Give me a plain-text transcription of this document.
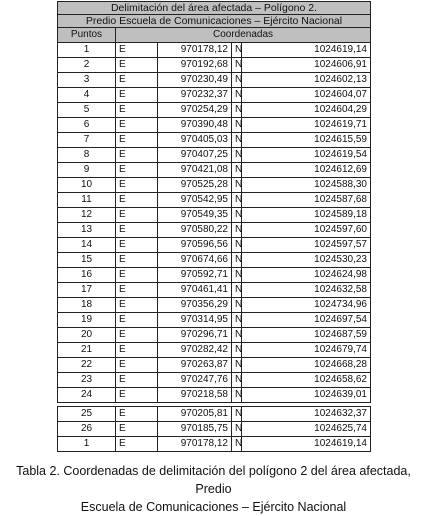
Delimitación del área afectada – Polígono 2.				
Predio Escuela de Comunicaciones – Ejército Nacional				
Puntos	Coordenadas			
1	E	970178,12	N	1024619,14
2	E	970192,68	N	1024606,91
3	E	970230,49	N	1024602,13
4	E	970232,37	N	1024604,07
5	E	970254,29	N	1024604,29
6	E	970390,48	N	1024619,71
7	E	970405,03	N	1024615,59
8	E	970407,25	N	1024619,54
9	E	970421,08	N	1024612,69
10	E	970525,28	N	1024588,30
11	E	970542,95	N	1024587,68
12	E	970549,35	N	1024589,18
13	E	970580,22	N	1024597,60
14	E	970596,56	N	1024597,57
15	E	970674,66	N	1024530,23
16	E	970592,71	N	1024624,98
17	E	970461,41	N	1024632,58
18	E	970356,29	N	1024734,96
19	E	970314,95	N	1024697,54
20	E	970296,71	N	1024687,59
21	E	970282,42	N	1024679,74
22	E	970263,87	N	1024668,28
23	E	970247,76	N	1024658,62
24	E	970218,58	N	1024639,01

25	E	970205,81	N	1024632,37
26	E	970185,75	N	1024625,74
1	E	970178,12	N	1024619,14
Tabla 2. Coordenadas de delimitación del polígono 2 del área afectada, Predio
Escuela de Comunicaciones – Ejército Nacional
